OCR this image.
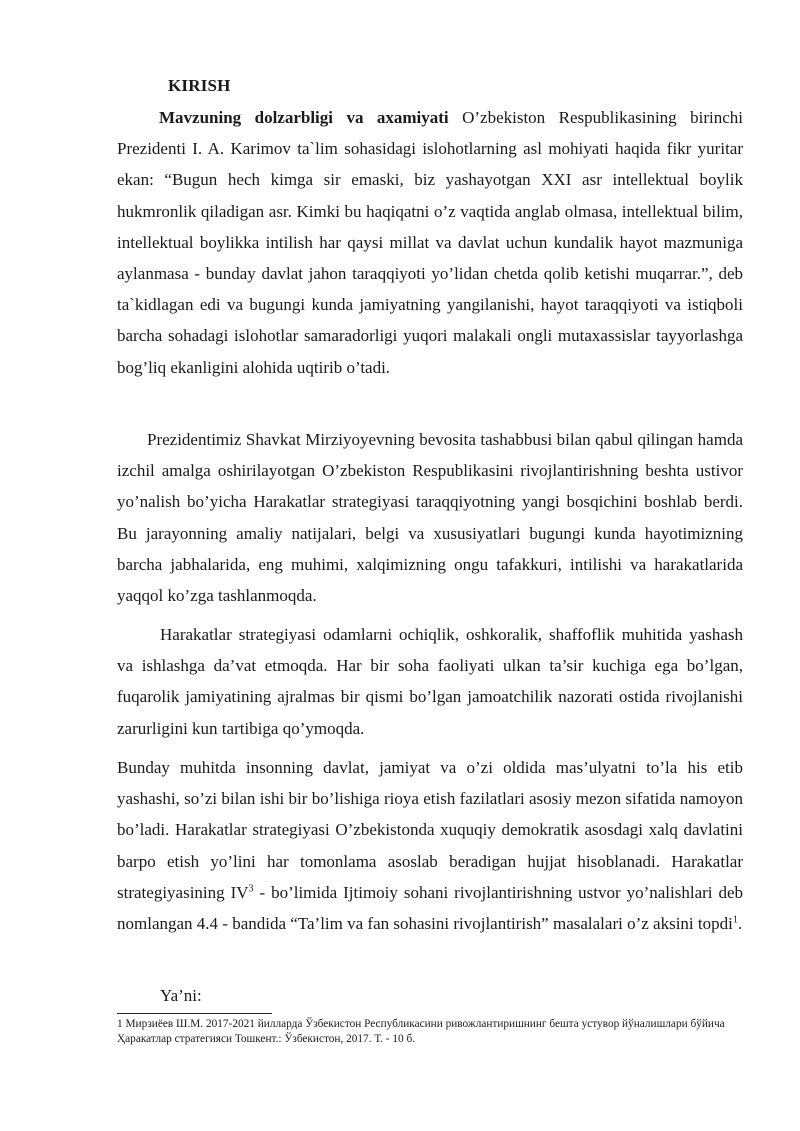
KIRISH
Mavzuning dolzarbligi va axamiyati O’zbekiston Respublikasining birinchi Prezidenti I. A. Karimov ta`lim sohasidagi islohotlarning asl mohiyati haqida fikr yuritar ekan: “Bugun hech kimga sir emaski, biz yashayotgan XXI asr intellektual boylik hukmronlik qiladigan asr. Kimki bu haqiqatni o’z vaqtida anglab olmasa, intellektual bilim, intellektual boylikka intilish har qaysi millat va davlat uchun kundalik hayot mazmuniga aylanmasa - bunday davlat jahon taraqqiyoti yo’lidan chetda qolib ketishi muqarrar.”, deb ta`kidlagan edi va bugungi kunda jamiyatning yangilanishi, hayot taraqqiyoti va istiqboli barcha sohadagi islohotlar samaradorligi yuqori malakali ongli mutaxassislar tayyorlashga bog’liq ekanligini alohida uqtirib o’tadi.
Prezidentimiz Shavkat Mirziyoyevning bevosita tashabbusi bilan qabul qilingan hamda izchil amalga oshirilayotgan O’zbekiston Respublikasini rivojlantirishning beshta ustivor yo’nalish bo’yicha Harakatlar strategiyasi taraqqiyotning yangi bosqichini boshlab berdi. Bu jarayonning amaliy natijalari, belgi va xususiyatlari bugungi kunda hayotimizning barcha jabhalarida, eng muhimi, xalqimizning ongu tafakkuri, intilishi va harakatlarida yaqqol ko’zga tashlanmoqda.
Harakatlar strategiyasi odamlarni ochiqlik, oshkoralik, shaffoflik muhitida yashash va ishlashga da’vat etmoqda. Har bir soha faoliyati ulkan ta’sir kuchiga ega bo’lgan, fuqarolik jamiyatining ajralmas bir qismi bo’lgan jamoatchilik nazorati ostida rivojlanishi zarurligini kun tartibiga qo’ymoqda.
Bunday muhitda insonning davlat, jamiyat va o’zi oldida mas’ulyatni to’la his etib yashashi, so’zi bilan ishi bir bo’lishiga rioya etish fazilatlari asosiy mezon sifatida namoyon bo’ladi. Harakatlar strategiyasi O’zbekistonda xuquqiy demokratik asosdagi xalq davlatini barpo etish yo’lini har tomonlama asoslab beradigan hujjat hisoblanadi. Harakatlar strategiyasining $IV^3$ - bo’limida Ijtimoiy sohani rivojlantirishning ustvor yo’nalishlari deb nomlangan 4.4 - bandida “Ta’lim va fan sohasini rivojlantirish” masalalari o’z aksini topdi$^1$.
Ya’ni:
1 Мирзиёев Ш.М. 2017-2021 йилларда Ўзбекистон Республикасини ривожлантиришнинг бешта устувор йўналишлари бўйича Ҳаракатлар стратегияси Тошкент.: Ўзбекистон, 2017. Т. - 10 б.
